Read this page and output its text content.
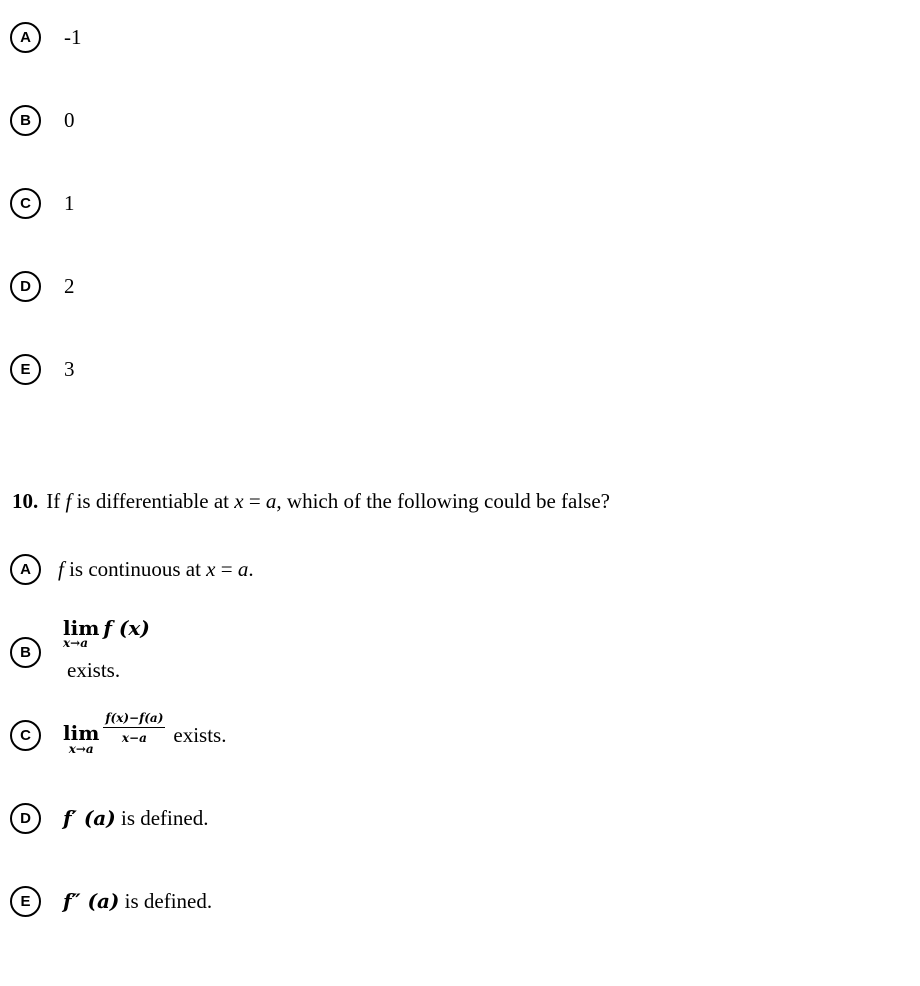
A	-1
B	0
C	1
D	2
E	3
10. If f is differentiable at x = a, which of the following could be false?
A	f is continuous at x = a.
B
lim f (x)
x→a
exists.
C	lim
x→a
$\frac{f(x)-f(a)}{x-a}$ exists.
D	f′ (a) is defined.
E	f″ (a) is defined.
